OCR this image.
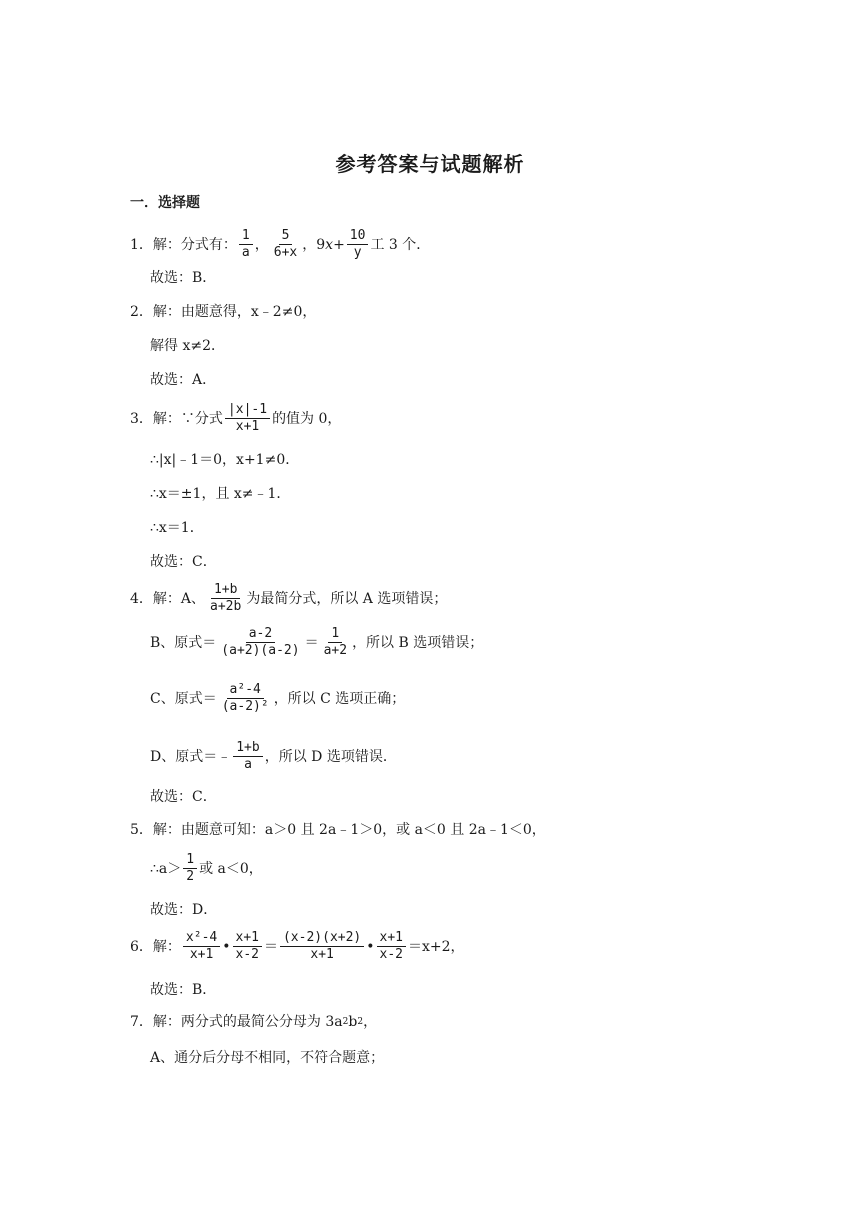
参考答案与试题解析
一．选择题
1．解：分式有： $\frac{1}{a}$ ， $\frac{5}{6+x}$ ，9 $x + \frac{10}{y}$ 工 3 个．
故选：B．
2．解：由题意得，x﹣2≠0，
解得 x≠2．
故选：A．
3．解：∵分式 $\frac{|x|-1}{x+1}$ 的值为 0，
∴|x|﹣1＝0，x+1≠0．
∴x＝±1，且 x≠﹣1．
∴x＝1．
故选：C．
4．解：A、 $\frac{1+b}{a+2b}$ 为最简分式，所以 A 选项错误；
B、原式＝ $\frac{a-2}{(a+2)(a-2)} = \frac{1}{a+2}$ ，所以 B 选项错误；
C、原式＝ $\frac{\text{a²-4}}{\text{(a-2)²}}$ ，所以 C 选项正确；
D、原式＝﹣ $\frac{1+b}{a}$ ，所以 D 选项错误．
故选：C．
5．解：由题意可知：a＞0 且 2a﹣1＞0，或 a＜0 且 2a﹣1＜0，
∴a＞ $\frac{1}{2}$ 或 a＜0，
故选：D．
6．解： $\frac{\text{x²-4}}{x+1}$ • $\frac{x+1}{x-2} = \frac{(x-2)(x+2)}{x+1}$ • $\frac{x+1}{x-2} =x+2$，
故选：B．
7．解：两分式的最简公分母为 3a 2 b 2 ，
A、通分后分母不相同，不符合题意；
